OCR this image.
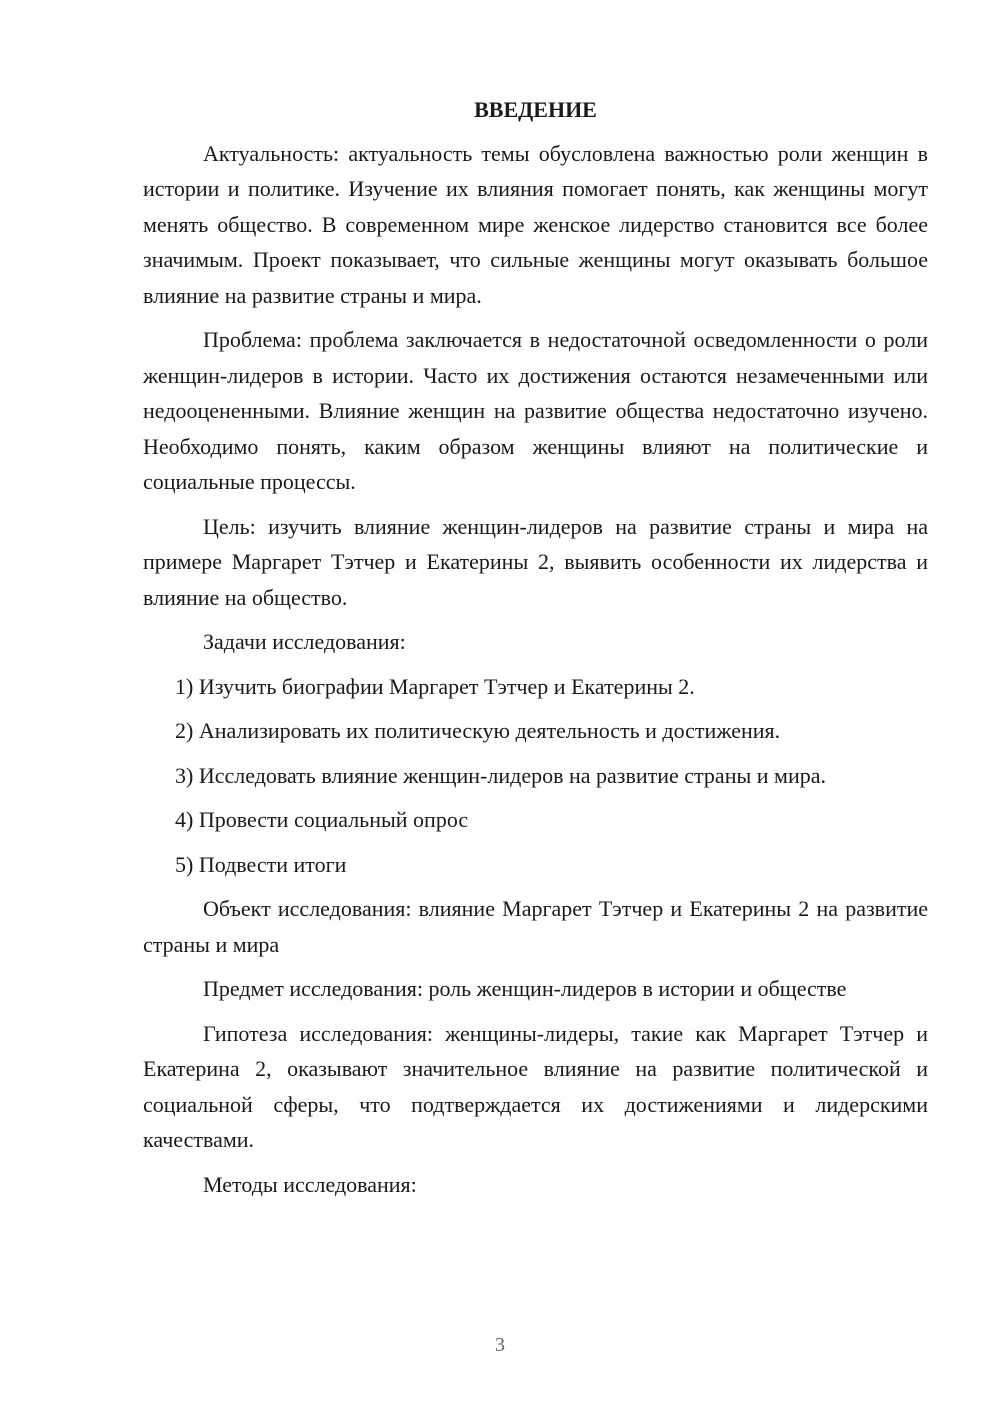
ВВЕДЕНИЕ

Актуальность: актуальность темы обусловлена важностью роли женщин в истории и политике. Изучение их влияния помогает понять, как женщины могут менять общество. В современном мире женское лидерство становится все более значимым. Проект показывает, что сильные женщины могут оказывать большое влияние на развитие страны и мира.

Проблема: проблема заключается в недостаточной осведомленности о роли женщин-лидеров в истории. Часто их достижения остаются незамеченными или недооцененными. Влияние женщин на развитие общества недостаточно изучено. Необходимо понять, каким образом женщины влияют на политические и социальные процессы.

Цель: изучить влияние женщин-лидеров на развитие страны и мира на примере Маргарет Тэтчер и Екатерины 2, выявить особенности их лидерства и влияние на общество.

Задачи исследования:

1) Изучить биографии Маргарет Тэтчер и Екатерины 2.

2) Анализировать их политическую деятельность и достижения.

3) Исследовать влияние женщин-лидеров на развитие страны и мира.

4) Провести социальный опрос

5) Подвести итоги

Объект исследования: влияние Маргарет Тэтчер и Екатерины 2 на развитие страны и мира

Предмет исследования: роль женщин-лидеров в истории и обществе

Гипотеза исследования: женщины-лидеры, такие как Маргарет Тэтчер и Екатерина 2, оказывают значительное влияние на развитие политической и социальной сферы, что подтверждается их достижениями и лидерскими качествами.

Методы исследования:

3
